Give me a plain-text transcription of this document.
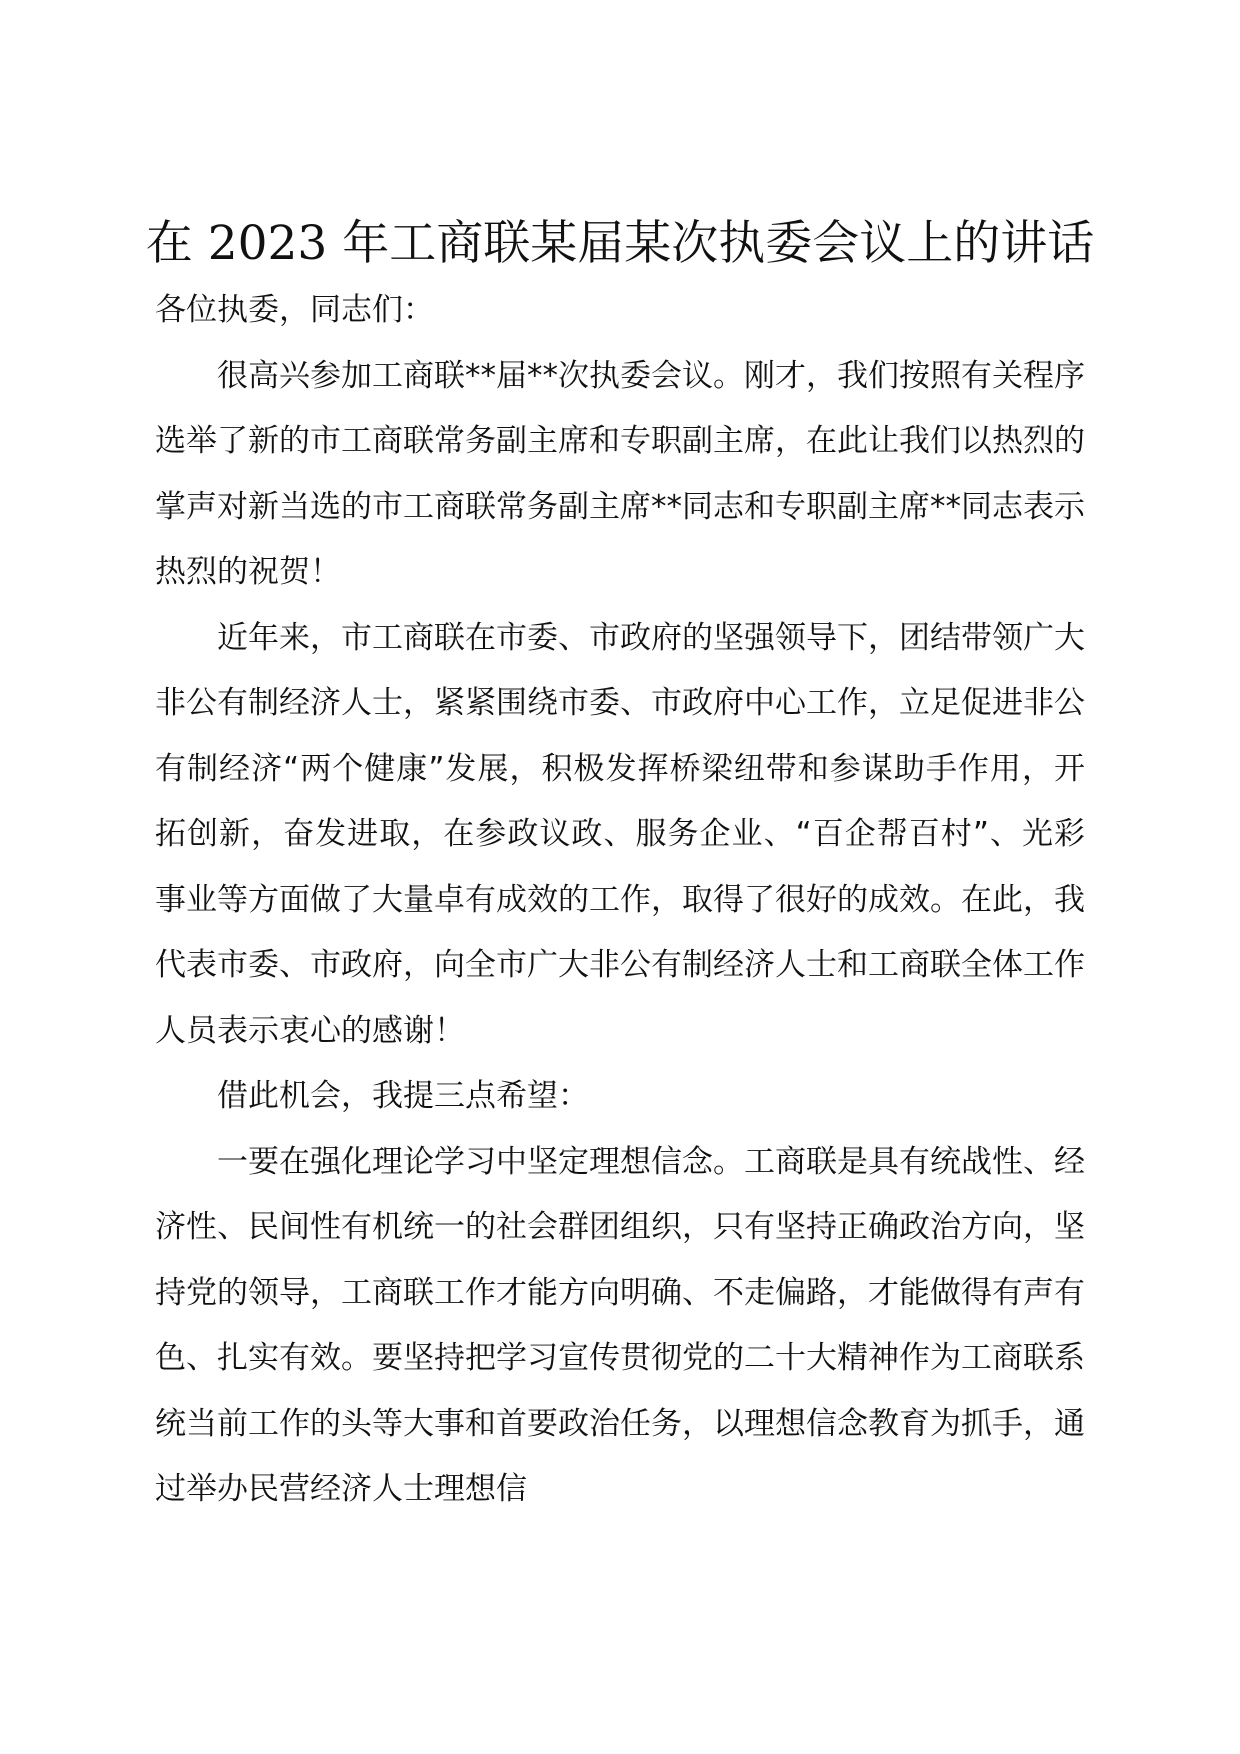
在 2023 年工商联某届某次执委会议上的讲话

各位执委，同志们：

很高兴参加工商联**届**次执委会议。刚才，我们按照有关程序选举了新的市工商联常务副主席和专职副主席，在此让我们以热烈的掌声对新当选的市工商联常务副主席**同志和专职副主席**同志表示热烈的祝贺！

近年来，市工商联在市委、市政府的坚强领导下，团结带领广大非公有制经济人士，紧紧围绕市委、市政府中心工作，立足促进非公有制经济“两个健康”发展，积极发挥桥梁纽带和参谋助手作用，开拓创新，奋发进取，在参政议政、服务企业、“百企帮百村”、光彩事业等方面做了大量卓有成效的工作，取得了很好的成效。在此，我代表市委、市政府，向全市广大非公有制经济人士和工商联全体工作人员表示衷心的感谢！

借此机会，我提三点希望：

一要在强化理论学习中坚定理想信念。工商联是具有统战性、经济性、民间性有机统一的社会群团组织，只有坚持正确政治方向，坚持党的领导，工商联工作才能方向明确、不走偏路，才能做得有声有色、扎实有效。要坚持把学习宣传贯彻党的二十大精神作为工商联系统当前工作的头等大事和首要政治任务，以理想信念教育为抓手，通过举办民营经济人士理想信
